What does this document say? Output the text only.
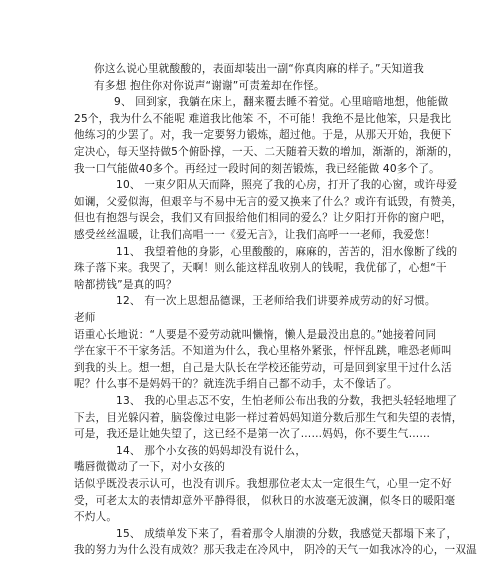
你这么说心里就酸酸的，表面却装出一副“你真肉麻的样子。”天知道我
有多想 抱住你对你说声“谢谢”可责羞却在作怪。
9、 回到家，我躺在床上，翻来覆去睡不着觉。心里暗暗地想，他能做
25个，我为什么不能呢 难道我比他笨 不，不可能！我绝不是比他笨，只是我比
他练习的少罢了。对，我一定要努力锻炼，超过他。于是，从那天开始，我便下
定决心，每天坚持做5个俯卧撑，一天、二天随着天数的增加，渐渐的，渐渐的，
我一口气能做40多个。再经过一段时间的刻苦锻炼，我已经能做 40多个了。
10、 一束夕阳从天而降，照亮了我的心房，打开了我的心窗，或许母爱
如谰，父爱似海，但艰辛与不易中无言的爱又换来了什么？或许有诋毁，有赞美，
但也有抱怨与误会，我们又有回报给他们相同的爱么？让夕阳打开你的窗户吧，
感受丝丝温暖，让我们高唱一一《爱无言》，让我们高呼一一老师，我爱您！
11、 我望着他的身影，心里酸酸的，麻麻的，苦苦的，泪水像断了线的
珠子落下来。我哭了，天啊！则么能这样乱收别人的钱呢，我优郁了，心想“干
啥都捞钱”是真的吗？
12、 有一次上思想品德课，王老师给我们讲要养成劳动的好习惯。
老师
语重心长地说：“人要是不爱劳动就叫懒惰，懒人是最没出息的。”她接着问同
学在家干不干家务活。不知道为什么，我心里格外紧张，怦怦乱跳，唯恐老师叫
到我的头上。想一想，自己是大队长在学校还能劳动，可是回到家里干过什么活
呢？什么事不是妈妈干的？就连洗手绢自己都不动手，太不像话了。
13、 我的心里忐忑不安，生怕老师公布出我的分数，我把头轻轻地埋了
下去，目光躲闪着，脑袋像过电影一样过着妈妈知道分数后那生气和失望的表情，
可是，我还是让她失望了，这已经不是第一次了……妈妈，你不要生气……
14、 那个小女孩的妈妈却没有说什么，
嘴唇微微动了一下，对小女孩的
话似乎既没表示认可，也没有训斥。我想那位老太太一定很生气，心里一定不好
受，可老太太的表情却意外平静得很， 似秋日的水波毫无波澜，似冬日的暖阳毫
不灼人。
15、 成绩单发下来了，看着那令人崩溃的分数，我感觉天都塌下来了，
我的努力为什么没有成效？那天我走在冷风中， 阴冷的天气一如我冰冷的心，一双温
